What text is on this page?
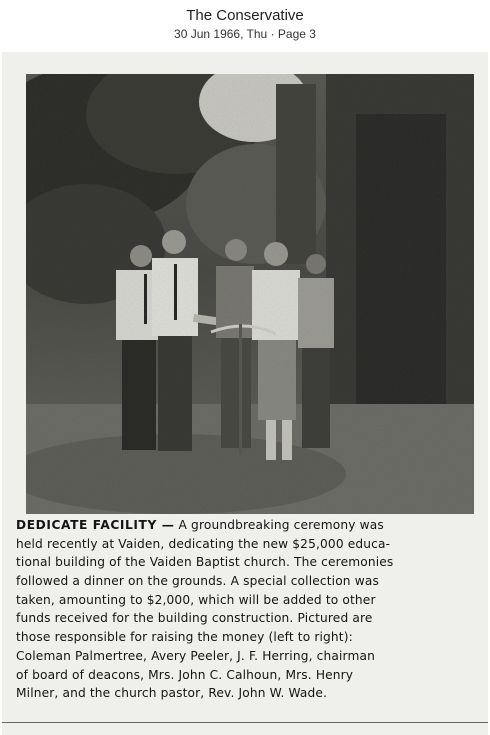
The Conservative
30 Jun 1966, Thu · Page 3
DEDICATE FACILITY — A groundbreaking ceremony was
held recently at Vaiden, dedicating the new $25,000 educa-
tional building of the Vaiden Baptist church. The ceremonies
followed a dinner on the grounds. A special collection was
taken, amounting to $2,000, which will be added to other
funds received for the building construction. Pictured are
those responsible for raising the money (left to right):
Coleman Palmertree, Avery Peeler, J. F. Herring, chairman
of board of deacons, Mrs. John C. Calhoun, Mrs. Henry
Milner, and the church pastor, Rev. John W. Wade.
